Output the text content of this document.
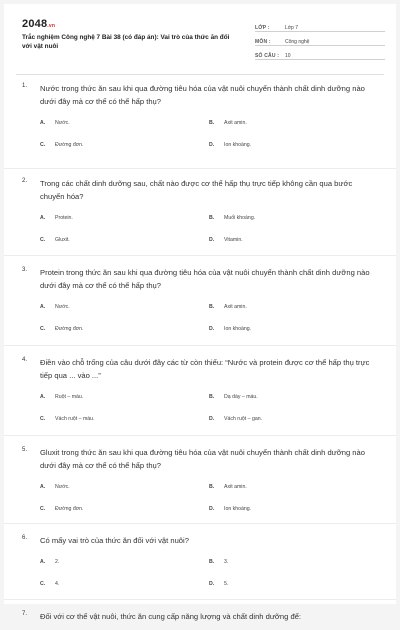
2048.vn
Trắc nghiệm Công nghệ 7 Bài 38 (có đáp án): Vai trò của thức ăn đối với vật nuôi
LỚP :	Lớp 7
MÔN :	Công nghệ
SỐ CÂU :	10
1.	Nước trong thức ăn sau khi qua đường tiêu hóa của vật nuôi chuyển thành chất dinh dưỡng nào dưới đây mà cơ thể có thể hấp thụ?
A.	Nước.	B.	Axit amin.
C.	Đường đơn.	D.	Ion khoáng.
2.	Trong các chất dinh dưỡng sau, chất nào được cơ thể hấp thụ trực tiếp không cần qua bước chuyển hóa?
A.	Protein.	B.	Muối khoáng.
C.	Gluxit.	D.	Vitamin.
3.	Protein trong thức ăn sau khi qua đường tiêu hóa của vật nuôi chuyển thành chất dinh dưỡng nào dưới đây mà cơ thể có thể hấp thụ?
A.	Nước.	B.	Axit amin.
C.	Đường đơn.	D.	Ion khoáng.
4.	Điền vào chỗ trống của câu dưới đây các từ còn thiếu: “Nước và protein được cơ thể hấp thụ trực tiếp qua ... vào ...”
A.	Ruột – máu.	B.	Dạ dày – máu.
C.	Vách ruột – máu.	D.	Vách ruột – gan.
5.	Gluxit trong thức ăn sau khi qua đường tiêu hóa của vật nuôi chuyển thành chất dinh dưỡng nào dưới đây mà cơ thể có thể hấp thụ?
A.	Nước.	B.	Axit amin.
C.	Đường đơn.	D.	Ion khoáng.
6.	Có mấy vai trò của thức ăn đối với vật nuôi?
A.	2.	B.	3.
C.	4.	D.	5.
7.	Đối với cơ thể vật nuôi, thức ăn cung cấp năng lượng và chất dinh dưỡng để:
